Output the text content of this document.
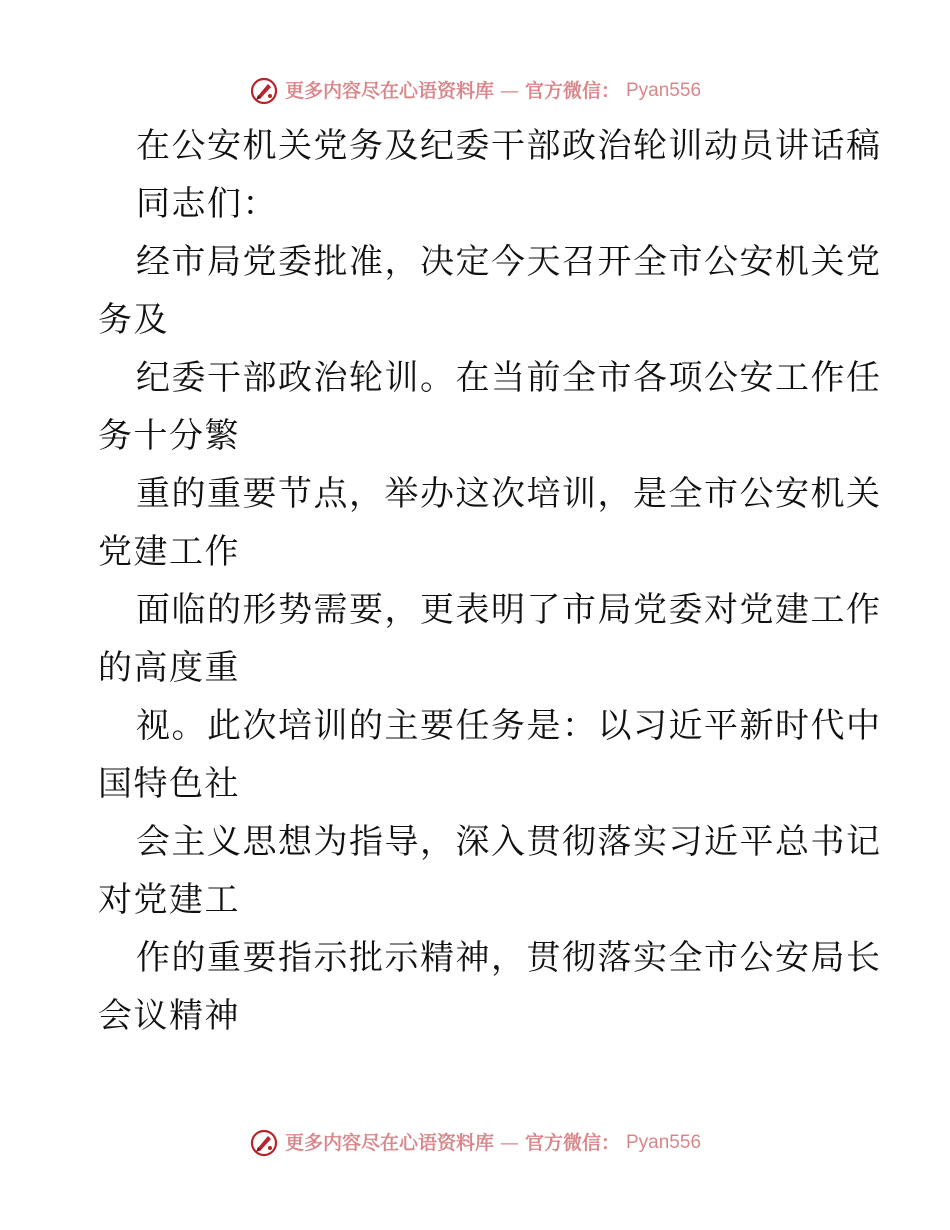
更多内容尽在心语资料库 — 官方微信： Pyan556
在公安机关党务及纪委干部政治轮训动员讲话稿
同志们：
经市局党委批准，决定今天召开全市公安机关党
务及
纪委干部政治轮训。在当前全市各项公安工作任
务十分繁
重的重要节点，举办这次培训，是全市公安机关
党建工作
面临的形势需要，更表明了市局党委对党建工作
的高度重
视。此次培训的主要任务是：以习近平新时代中
国特色社
会主义思想为指导，深入贯彻落实习近平总书记
对党建工
作的重要指示批示精神，贯彻落实全市公安局长
会议精神
更多内容尽在心语资料库 — 官方微信： Pyan556
